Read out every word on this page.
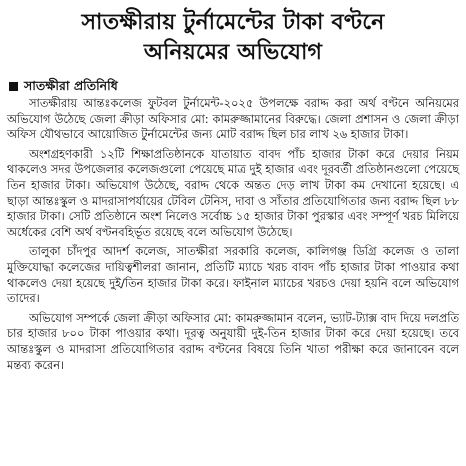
সাতক্ষীরায় টুর্নামেন্টের টাকা বণ্টনে
অনিয়মের অভিযোগ
সাতক্ষীরা প্রতিনিধি

সাতক্ষীরায় আন্তঃকলেজ ফুটবল টুর্নামেন্ট-২০২৫ উপলক্ষে বরাদ্দ করা অর্থ বণ্টনে অনিয়মের অভিযোগ উঠেছে জেলা ক্রীড়া অফিসার মো: কামরুজ্জামানের বিরুদ্ধে। জেলা প্রশাসন ও জেলা ক্রীড়া অফিস যৌথভাবে আয়োজিত টুর্নামেন্টের জন্য মোট বরাদ্দ ছিল চার লাখ ২৬ হাজার টাকা।

অংশগ্রহণকারী ১২টি শিক্ষাপ্রতিষ্ঠানকে যাতায়াত বাবদ পাঁচ হাজার টাকা করে দেয়ার নিয়ম থাকলেও সদর উপজেলার কলেজগুলো পেয়েছে মাত্র দুই হাজার এবং দূরবর্তী প্রতিষ্ঠানগুলো পেয়েছে তিন হাজার টাকা। অভিযোগ উঠেছে, বরাদ্দ থেকে অন্তত দেড় লাখ টাকা কম দেখানো হয়েছে। এ ছাড়া আন্তঃস্কুল ও মাদরাসাপর্যায়ের টেবিল টেনিস, দাবা ও সাঁতার প্রতিযোগিতার জন্য বরাদ্দ ছিল ৮৮ হাজার টাকা। সেটি প্রতিষ্ঠানে অংশ নিলেও সর্বোচ্চ ১৫ হাজার টাকা পুরস্কার এবং সম্পূর্ণ খরচ মিলিয়ে অর্ধেকের বেশি অর্থ বণ্টনবহির্ভূত রয়েছে বলে অভিযোগ উঠেছে।

তালুকা চাঁদপুর আদর্শ কলেজ, সাতক্ষীরা সরকারি কলেজ, কালিগঞ্জ ডিগ্রি কলেজ ও তালা মুক্তিযোদ্ধা কলেজের দায়িত্বশীলরা জানান, প্রতিটি ম্যাচে খরচ বাবদ পাঁচ হাজার টাকা পাওয়ার কথা থাকলেও দেয়া হয়েছে দুই/তিন হাজার টাকা করে। ফাইনাল ম্যাচের খরচও দেয়া হয়নি বলে অভিযোগ তাদের।

অভিযোগ সম্পর্কে জেলা ক্রীড়া অফিসার মো: কামরুজ্জামান বলেন, ভ্যাট-ট্যাক্স বাদ দিয়ে দলপ্রতি চার হাজার ৮০০ টাকা পাওয়ার কথা। দূরত্ব অনুযায়ী দুই-তিন হাজার টাকা করে দেয়া হয়েছে। তবে আন্তঃস্কুল ও মাদরাসা প্রতিযোগিতার বরাদ্দ বণ্টনের বিষয়ে তিনি খাতা পরীক্ষা করে জানাবেন বলে মন্তব্য করেন।
